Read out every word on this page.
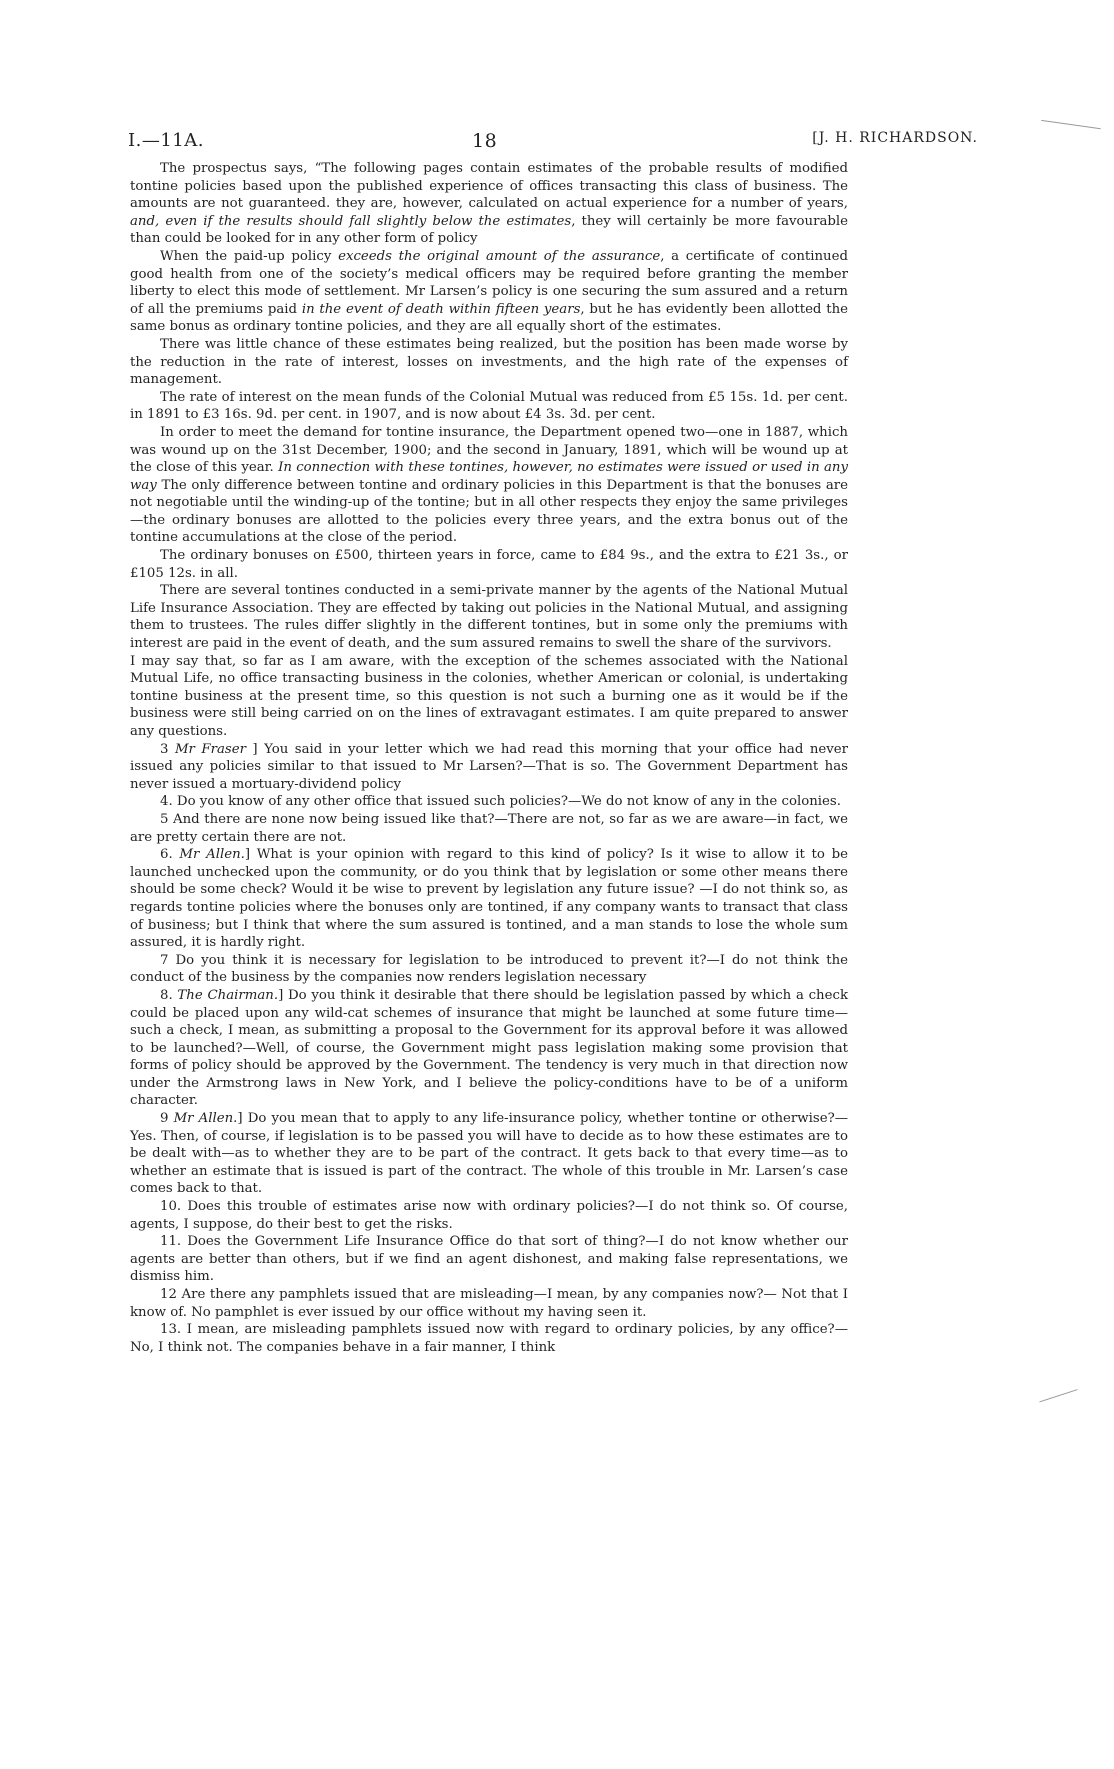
I.—11A.	18	[J. H. RICHARDSON.

The prospectus says, “The following pages contain estimates of the probable results of modified tontine policies based upon the published experience of offices transacting this class of business. The amounts are not guaranteed. they are, however, calculated on actual experience for a number of years, and, even if the results should fall slightly below the estimates, they will certainly be more favourable than could be looked for in any other form of policy

When the paid-up policy exceeds the original amount of the assurance, a certificate of continued good health from one of the society’s medical officers may be required before granting the member liberty to elect this mode of settlement. Mr Larsen’s policy is one securing the sum assured and a return of all the premiums paid in the event of death within fifteen years, but he has evidently been allotted the same bonus as ordinary tontine policies, and they are all equally short of the estimates.

There was little chance of these estimates being realized, but the position has been made worse by the reduction in the rate of interest, losses on investments, and the high rate of the expenses of management.

The rate of interest on the mean funds of the Colonial Mutual was reduced from £5 15s. 1d. per cent. in 1891 to £3 16s. 9d. per cent. in 1907, and is now about £4 3s. 3d. per cent.

In order to meet the demand for tontine insurance, the Department opened two—one in 1887, which was wound up on the 31st December, 1900; and the second in January, 1891, which will be wound up at the close of this year. In connection with these tontines, however, no estimates were issued or used in any way The only difference between tontine and ordinary policies in this Department is that the bonuses are not negotiable until the winding-up of the tontine; but in all other respects they enjoy the same privileges—the ordinary bonuses are allotted to the policies every three years, and the extra bonus out of the tontine accumulations at the close of the period.

The ordinary bonuses on £500, thirteen years in force, came to £84 9s., and the extra to £21 3s., or £105 12s. in all.

There are several tontines conducted in a semi-private manner by the agents of the National Mutual Life Insurance Association. They are effected by taking out policies in the National Mutual, and assigning them to trustees. The rules differ slightly in the different tontines, but in some only the premiums with interest are paid in the event of death, and the sum assured remains to swell the share of the survivors.

I may say that, so far as I am aware, with the exception of the schemes associated with the National Mutual Life, no office transacting business in the colonies, whether American or colonial, is undertaking tontine business at the present time, so this question is not such a burning one as it would be if the business were still being carried on on the lines of extravagant estimates. I am quite prepared to answer any questions.

3 Mr Fraser ] You said in your letter which we had read this morning that your office had never issued any policies similar to that issued to Mr Larsen?—That is so. The Government Department has never issued a mortuary-dividend policy

4. Do you know of any other office that issued such policies?—We do not know of any in the colonies.

5 And there are none now being issued like that?—There are not, so far as we are aware—in fact, we are pretty certain there are not.

6. Mr Allen.] What is your opinion with regard to this kind of policy? Is it wise to allow it to be launched unchecked upon the community, or do you think that by legislation or some other means there should be some check? Would it be wise to prevent by legislation any future issue? —I do not think so, as regards tontine policies where the bonuses only are tontined, if any company wants to transact that class of business; but I think that where the sum assured is tontined, and a man stands to lose the whole sum assured, it is hardly right.

7 Do you think it is necessary for legislation to be introduced to prevent it?—I do not think the conduct of the business by the companies now renders legislation necessary

8. The Chairman.] Do you think it desirable that there should be legislation passed by which a check could be placed upon any wild-cat schemes of insurance that might be launched at some future time—such a check, I mean, as submitting a proposal to the Government for its approval before it was allowed to be launched?—Well, of course, the Government might pass legislation making some provision that forms of policy should be approved by the Government. The tendency is very much in that direction now under the Armstrong laws in New York, and I believe the policy-conditions have to be of a uniform character.

9 Mr Allen.] Do you mean that to apply to any life-insurance policy, whether tontine or otherwise?—Yes. Then, of course, if legislation is to be passed you will have to decide as to how these estimates are to be dealt with—as to whether they are to be part of the contract. It gets back to that every time—as to whether an estimate that is issued is part of the contract. The whole of this trouble in Mr. Larsen’s case comes back to that.

10. Does this trouble of estimates arise now with ordinary policies?—I do not think so. Of course, agents, I suppose, do their best to get the risks.

11. Does the Government Life Insurance Office do that sort of thing?—I do not know whether our agents are better than others, but if we find an agent dishonest, and making false representations, we dismiss him.

12 Are there any pamphlets issued that are misleading—I mean, by any companies now?— Not that I know of. No pamphlet is ever issued by our office without my having seen it.

13. I mean, are misleading pamphlets issued now with regard to ordinary policies, by any office?—No, I think not. The companies behave in a fair manner, I think
